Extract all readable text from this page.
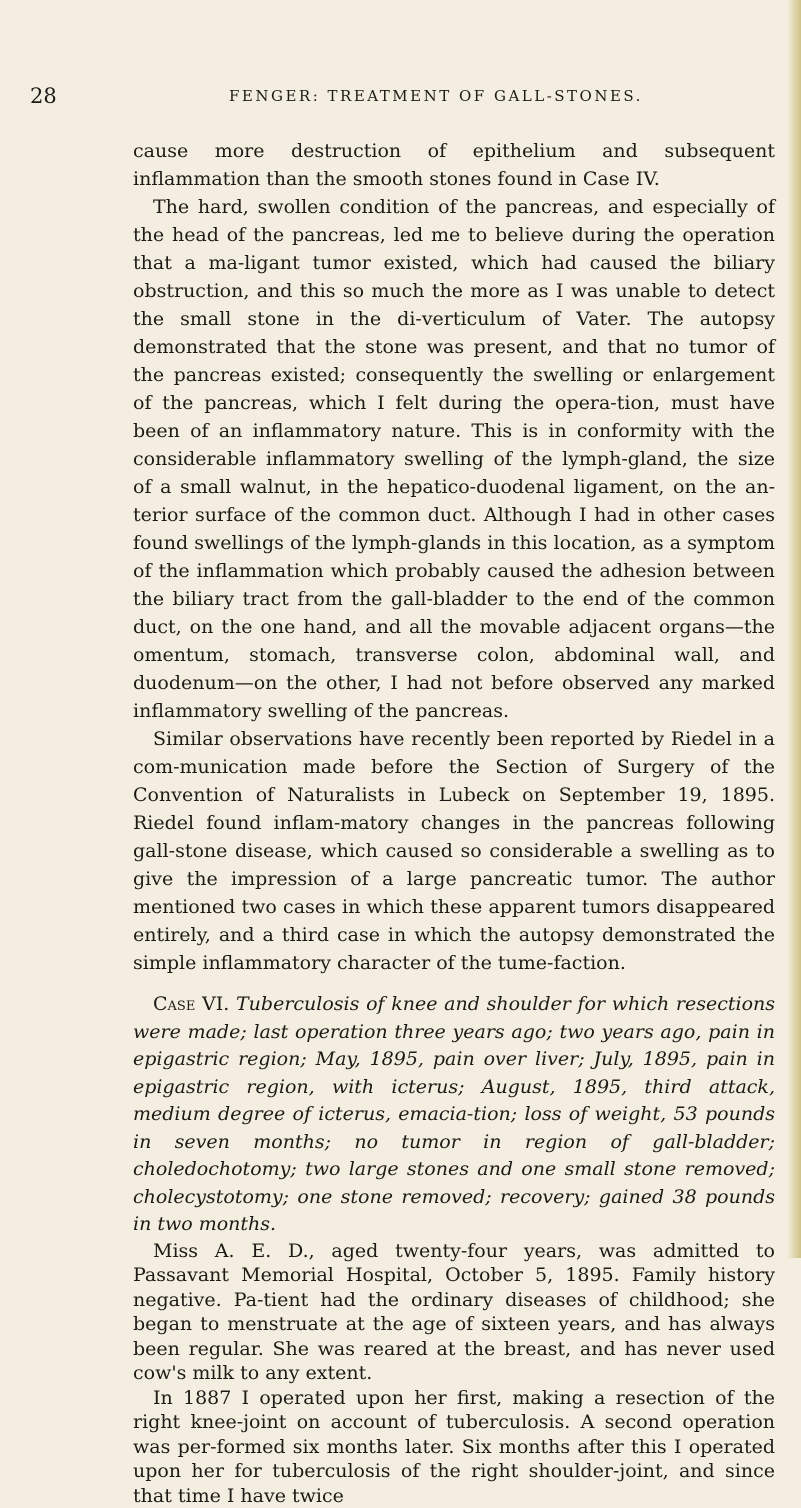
28	FENGER: TREATMENT OF GALL-STONES.

cause more destruction of epithelium and subsequent inflammation than the smooth stones found in Case IV.

The hard, swollen condition of the pancreas, and especially of the head of the pancreas, led me to believe during the operation that a ma-ligant tumor existed, which had caused the biliary obstruction, and this so much the more as I was unable to detect the small stone in the di-verticulum of Vater. The autopsy demonstrated that the stone was present, and that no tumor of the pancreas existed; consequently the swelling or enlargement of the pancreas, which I felt during the opera-tion, must have been of an inflammatory nature. This is in conformity with the considerable inflammatory swelling of the lymph-gland, the size of a small walnut, in the hepatico-duodenal ligament, on the an-terior surface of the common duct. Although I had in other cases found swellings of the lymph-glands in this location, as a symptom of the inflammation which probably caused the adhesion between the biliary tract from the gall-bladder to the end of the common duct, on the one hand, and all the movable adjacent organs—the omentum, stomach, transverse colon, abdominal wall, and duodenum—on the other, I had not before observed any marked inflammatory swelling of the pancreas.

Similar observations have recently been reported by Riedel in a com-munication made before the Section of Surgery of the Convention of Naturalists in Lubeck on September 19, 1895. Riedel found inflam-matory changes in the pancreas following gall-stone disease, which caused so considerable a swelling as to give the impression of a large pancreatic tumor. The author mentioned two cases in which these apparent tumors disappeared entirely, and a third case in which the autopsy demonstrated the simple inflammatory character of the tume-faction.

Case VI. Tuberculosis of knee and shoulder for which resections were made; last operation three years ago; two years ago, pain in epigastric region; May, 1895, pain over liver; July, 1895, pain in epigastric region, with icterus; August, 1895, third attack, medium degree of icterus, emacia-tion; loss of weight, 53 pounds in seven months; no tumor in region of gall-bladder; choledochotomy; two large stones and one small stone removed; cholecystotomy; one stone removed; recovery; gained 38 pounds in two months.

Miss A. E. D., aged twenty-four years, was admitted to Passavant Memorial Hospital, October 5, 1895. Family history negative. Pa-tient had the ordinary diseases of childhood; she began to menstruate at the age of sixteen years, and has always been regular. She was reared at the breast, and has never used cow's milk to any extent.

In 1887 I operated upon her first, making a resection of the right knee-joint on account of tuberculosis. A second operation was per-formed six months later. Six months after this I operated upon her for tuberculosis of the right shoulder-joint, and since that time I have twice
